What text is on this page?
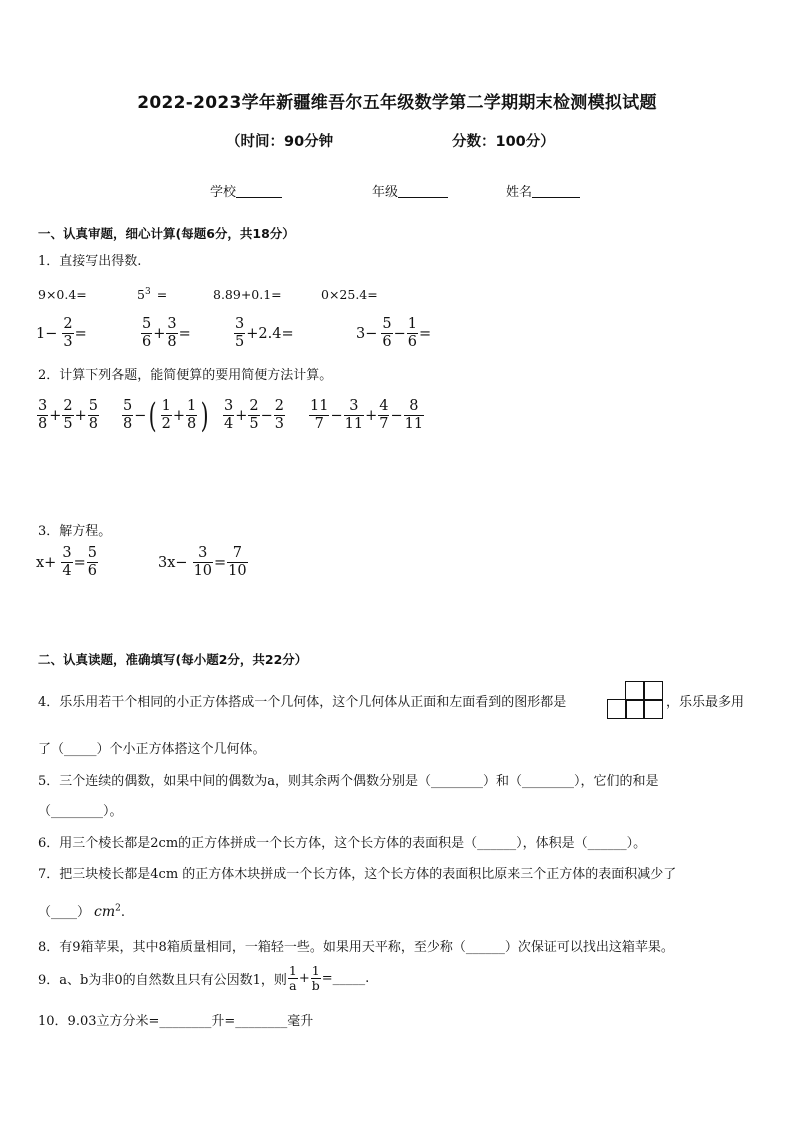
2022-2023学年新疆维吾尔五年级数学第二学期期末检测模拟试题
（时间：90分钟	分数：100分）
学校	年级	姓名
一、认真审题，细心计算(每题6分，共18分）
1．直接写出得数.
9×0.4=	$5^3$ =	8.89+0.1=	0×25.4=
$1- \frac{2}{3}$ =	$\frac{5}{6} + \frac{3}{8}$ =	$\frac{3}{5} +2.4=$	$3- \frac{5}{6} - \frac{1}{6}$ =
2．计算下列各题，能简便算的要用简便方法计算。
$\frac{3}{8} + \frac{2}{5} + \frac{5}{8} \frac{5}{8}$ − ( $\frac{1}{2} + \frac{1}{8}$ ) $\frac{3}{4} + \frac{2}{5} - \frac{2}{3} \frac{11}{7} - \frac{3}{11} + \frac{4}{7} - \frac{8}{11}$
3．解方程。
$x+ \frac{3}{4} = \frac{5}{6}$	$3x- \frac{3}{10} = \frac{7}{10}$
二、认真读题，准确填写(每小题2分，共22分）
4．乐乐用若干个相同的小正方体搭成一个几何体，这个几何体从正面和左面看到的图形都是	，乐乐最多用
了（_____）个小正方体搭这个几何体。
5．三个连续的偶数，如果中间的偶数为a，则其余两个偶数分别是（________）和（________），它们的和是
（________）。
6．用三个棱长都是2cm的正方体拼成一个长方体，这个长方体的表面积是（______），体积是（______）。
7．把三块棱长都是4cm 的正方体木块拼成一个长方体，这个长方体的表面积比原来三个正方体的表面积减少了
（____） $cm^2$.
8．有9箱苹果，其中8箱质量相同，一箱轻一些。如果用天平称，至少称（______）次保证可以找出这箱苹果。
9．a、b为非0的自然数且只有公因数1，则 $\frac{1}{a} + \frac{1}{b}$ =_____.
10．9.03立方分米=________升=________毫升
